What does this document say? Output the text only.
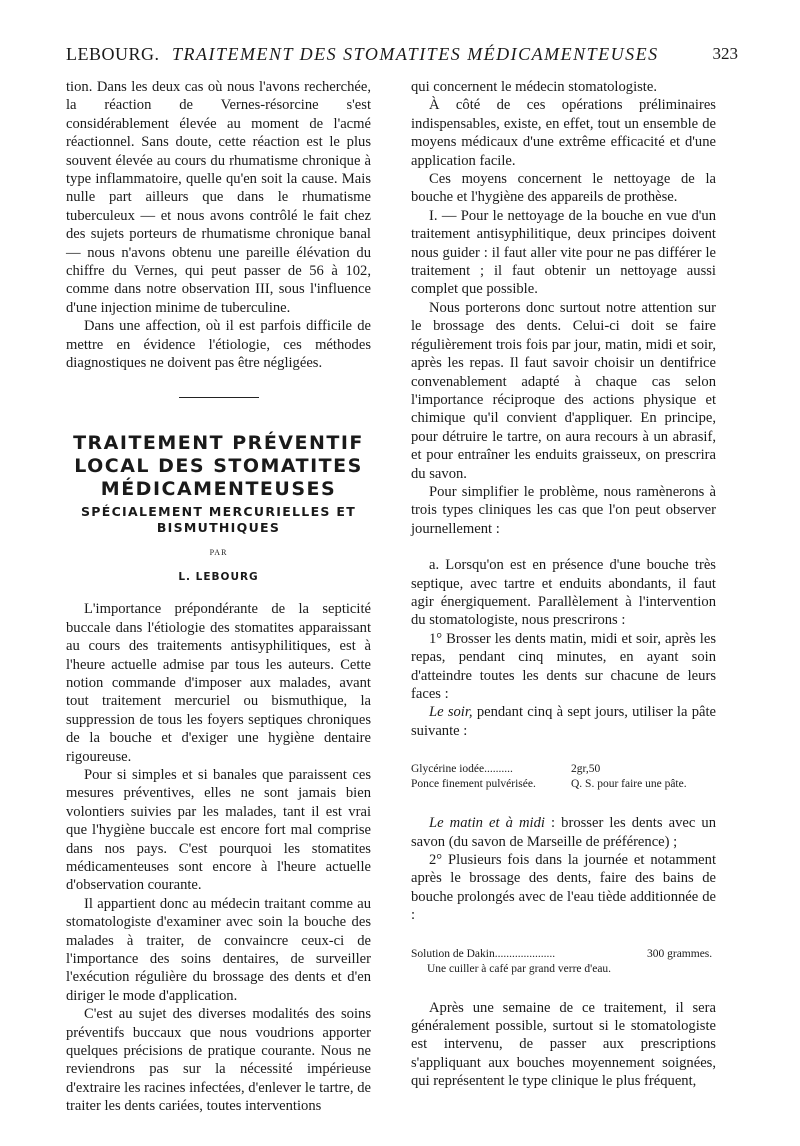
LEBOURG. TRAITEMENT DES STOMATITES MÉDICAMENTEUSES	323

tion. Dans les deux cas où nous l'avons recherchée, la réaction de Vernes-résorcine s'est considérablement élevée au moment de l'acmé réactionnel. Sans doute, cette réaction est le plus souvent élevée au cours du rhumatisme chronique à type inflammatoire, quelle qu'en soit la cause. Mais nulle part ailleurs que dans le rhumatisme tuberculeux — et nous avons contrôlé le fait chez des sujets porteurs de rhumatisme chronique banal — nous n'avons obtenu une pareille élévation du chiffre du Vernes, qui peut passer de 56 à 102, comme dans notre observation III, sous l'influence d'une injection minime de tuberculine.

Dans une affection, où il est parfois difficile de mettre en évidence l'étiologie, ces méthodes diagnostiques ne doivent pas être négligées.

TRAITEMENT PRÉVENTIF LOCAL DES STOMATITES MÉDICAMENTEUSES
SPÉCIALEMENT MERCURIELLES ET BISMUTHIQUES
PAR
L. LEBOURG

L'importance prépondérante de la septicité buccale dans l'étiologie des stomatites apparaissant au cours des traitements antisyphilitiques, est à l'heure actuelle admise par tous les auteurs. Cette notion commande d'imposer aux malades, avant tout traitement mercuriel ou bismuthique, la suppression de tous les foyers septiques chroniques de la bouche et d'exiger une hygiène dentaire rigoureuse.

Pour si simples et si banales que paraissent ces mesures préventives, elles ne sont jamais bien volontiers suivies par les malades, tant il est vrai que l'hygiène buccale est encore fort mal comprise dans nos pays. C'est pourquoi les stomatites médicamenteuses sont encore à l'heure actuelle d'observation courante.

Il appartient donc au médecin traitant comme au stomatologiste d'examiner avec soin la bouche des malades à traiter, de convaincre ceux-ci de l'importance des soins dentaires, de surveiller l'exécution régulière du brossage des dents et d'en diriger le mode d'application.

C'est au sujet des diverses modalités des soins préventifs buccaux que nous voudrions apporter quelques précisions de pratique courante. Nous ne reviendrons pas sur la nécessité impérieuse d'extraire les racines infectées, d'enlever le tartre, de traiter les dents cariées, toutes interventions

qui concernent le médecin stomatologiste.

À côté de ces opérations préliminaires indispensables, existe, en effet, tout un ensemble de moyens médicaux d'une extrême efficacité et d'une application facile.

Ces moyens concernent le nettoyage de la bouche et l'hygiène des appareils de prothèse.

I. — Pour le nettoyage de la bouche en vue d'un traitement antisyphilitique, deux principes doivent nous guider : il faut aller vite pour ne pas différer le traitement ; il faut obtenir un nettoyage aussi complet que possible.

Nous porterons donc surtout notre attention sur le brossage des dents. Celui-ci doit se faire régulièrement trois fois par jour, matin, midi et soir, après les repas. Il faut savoir choisir un dentifrice convenablement adapté à chaque cas selon l'importance réciproque des actions physique et chimique qu'il convient d'appliquer. En principe, pour détruire le tartre, on aura recours à un abrasif, et pour entraîner les enduits graisseux, on prescrira du savon.

Pour simplifier le problème, nous ramènerons à trois types cliniques les cas que l'on peut observer journellement :

a. Lorsqu'on est en présence d'une bouche très septique, avec tartre et enduits abondants, il faut agir énergiquement. Parallèlement à l'intervention du stomatologiste, nous prescrirons :

1° Brosser les dents matin, midi et soir, après les repas, pendant cinq minutes, en ayant soin d'atteindre toutes les dents sur chacune de leurs faces :

Le soir, pendant cinq à sept jours, utiliser la pâte suivante :

Glycérine iodée..........	2gr,50
Ponce finement pulvérisée.	Q. S. pour faire une pâte.

Le matin et à midi : brosser les dents avec un savon (du savon de Marseille de préférence) ;

2° Plusieurs fois dans la journée et notamment après le brossage des dents, faire des bains de bouche prolongés avec de l'eau tiède additionnée de :

Solution de Dakin.....................	300 grammes.
Une cuiller à café par grand verre d'eau.

Après une semaine de ce traitement, il sera généralement possible, surtout si le stomatologiste est intervenu, de passer aux prescriptions s'appliquant aux bouches moyennement soignées, qui représentent le type clinique le plus fréquent,
